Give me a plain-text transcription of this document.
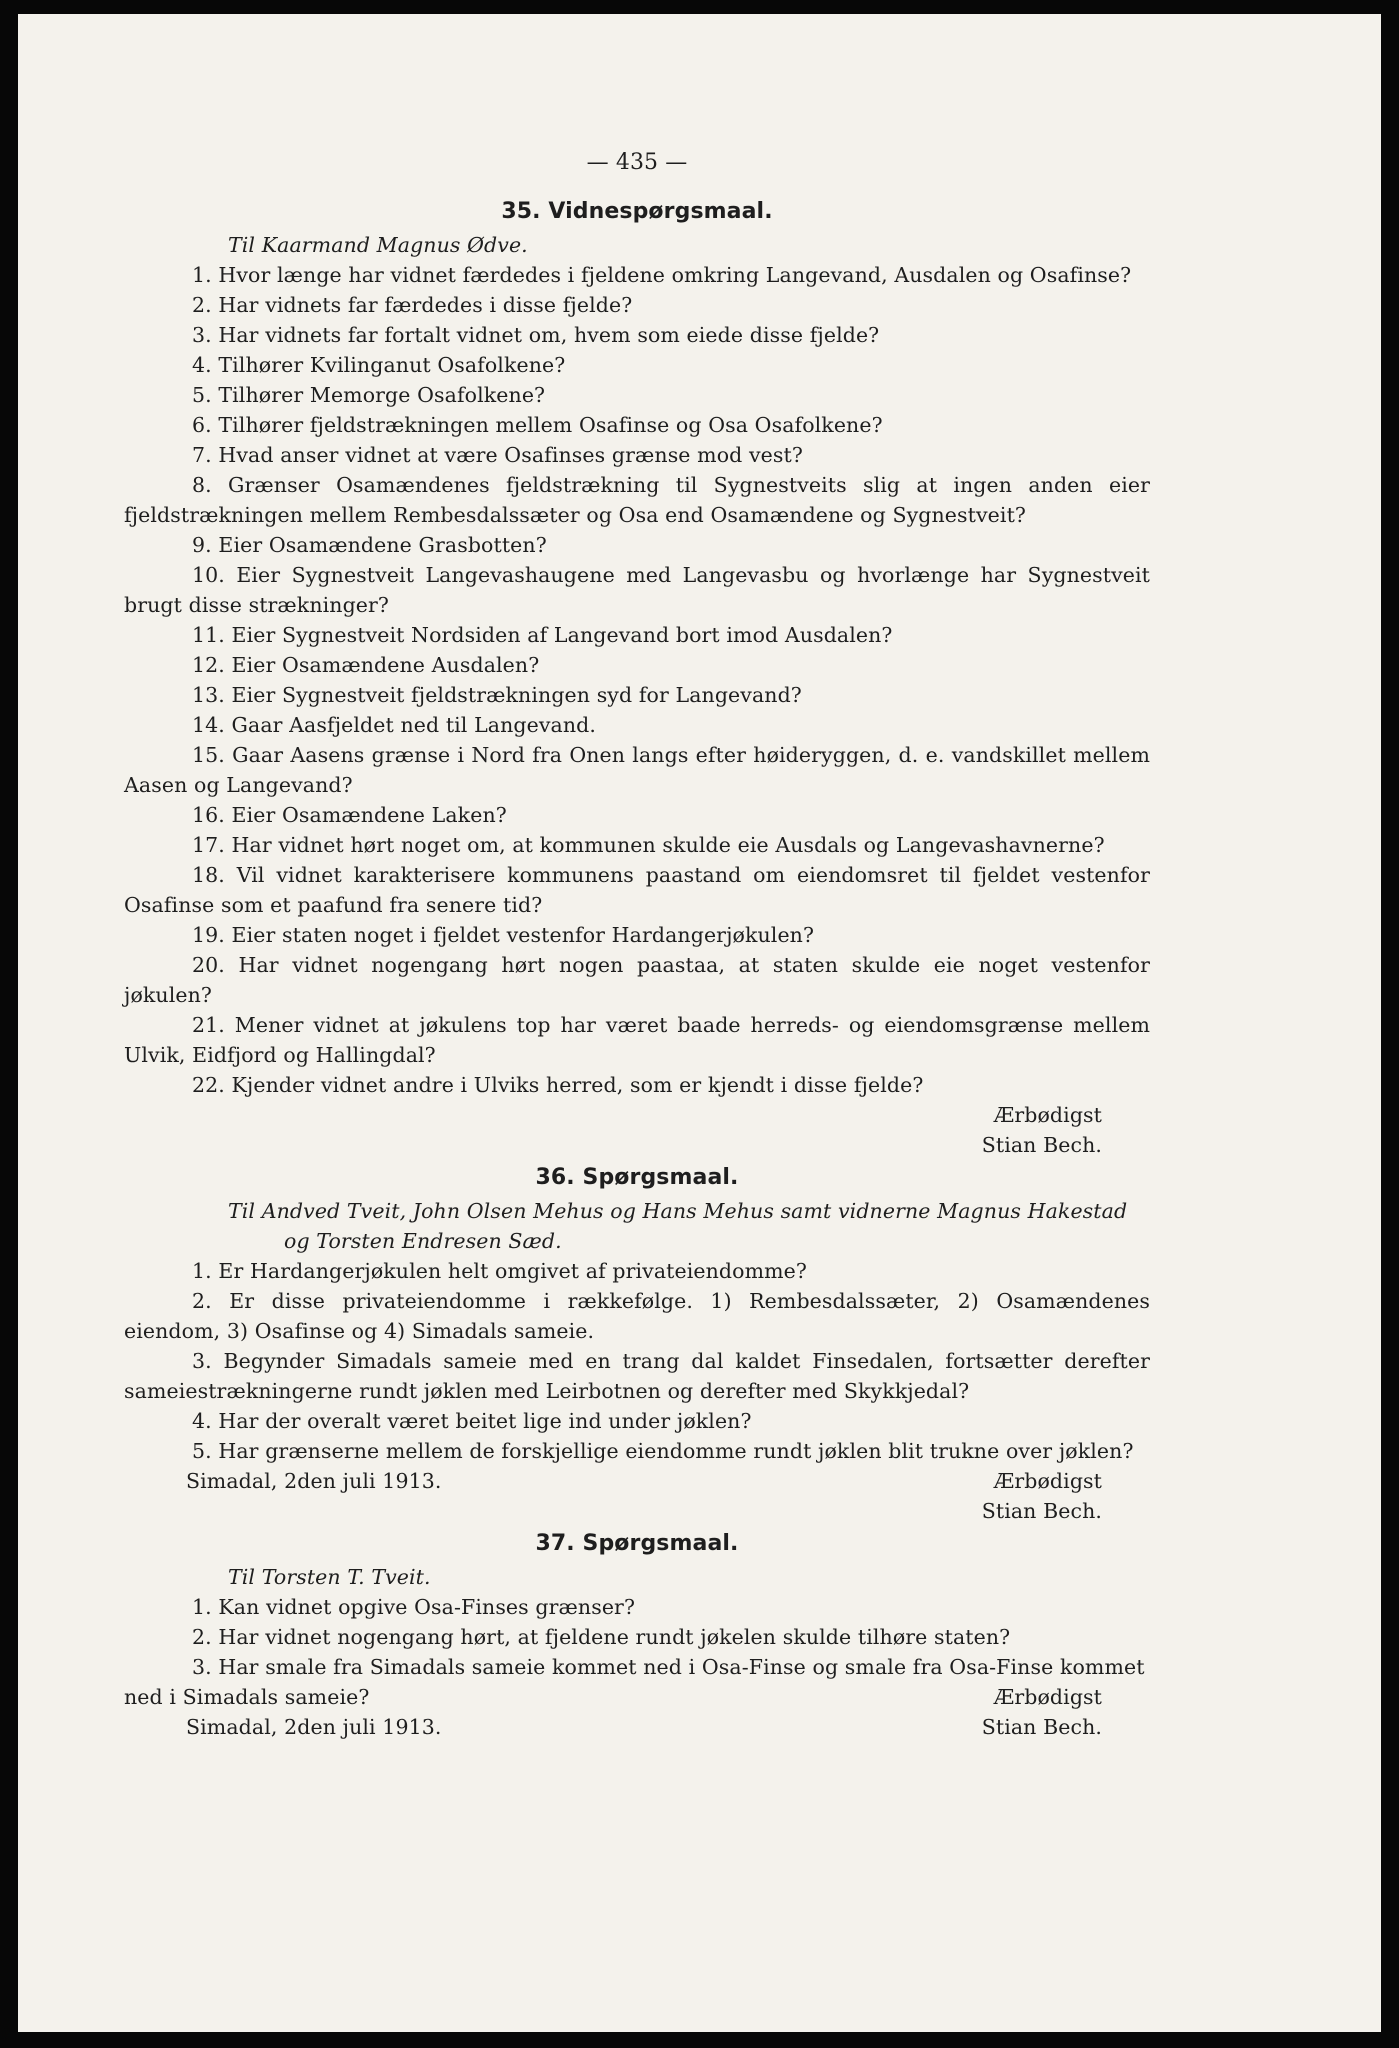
— 435 —
35. Vidnespørgsmaal.
Til Kaarmand Magnus Ødve.
1. Hvor længe har vidnet færdedes i fjeldene omkring Langevand, Ausdalen og Osafinse?
2. Har vidnets far færdedes i disse fjelde?
3. Har vidnets far fortalt vidnet om, hvem som eiede disse fjelde?
4. Tilhører Kvilinganut Osafolkene?
5. Tilhører Memorge Osafolkene?
6. Tilhører fjeldstrækningen mellem Osafinse og Osa Osafolkene?
7. Hvad anser vidnet at være Osafinses grænse mod vest?
8. Grænser Osamændenes fjeldstrækning til Sygnestveits slig at ingen anden eier fjeldstrækningen mellem Rembesdalssæter og Osa end Osamændene og Sygnestveit?
9. Eier Osamændene Grasbotten?
10. Eier Sygnestveit Langevashaugene med Langevasbu og hvorlænge har Sygnestveit brugt disse strækninger?
11. Eier Sygnestveit Nordsiden af Langevand bort imod Ausdalen?
12. Eier Osamændene Ausdalen?
13. Eier Sygnestveit fjeldstrækningen syd for Langevand?
14. Gaar Aasfjeldet ned til Langevand.
15. Gaar Aasens grænse i Nord fra Onen langs efter høideryggen, d. e. vandskillet mellem Aasen og Langevand?
16. Eier Osamændene Laken?
17. Har vidnet hørt noget om, at kommunen skulde eie Ausdals og Langevashavnerne?
18. Vil vidnet karakterisere kommunens paastand om eiendomsret til fjeldet vestenfor Osafinse som et paafund fra senere tid?
19. Eier staten noget i fjeldet vestenfor Hardangerjøkulen?
20. Har vidnet nogengang hørt nogen paastaa, at staten skulde eie noget vestenfor jøkulen?
21. Mener vidnet at jøkulens top har været baade herreds- og eiendomsgrænse mellem Ulvik, Eidfjord og Hallingdal?
22. Kjender vidnet andre i Ulviks herred, som er kjendt i disse fjelde?
Ærbødigst
Stian Bech.
36. Spørgsmaal.
Til Andved Tveit, John Olsen Mehus og Hans Mehus samt vidnerne Magnus Hakestad
og Torsten Endresen Sæd.
1. Er Hardangerjøkulen helt omgivet af privateiendomme?
2. Er disse privateiendomme i rækkefølge. 1) Rembesdalssæter, 2) Osamændenes eiendom, 3) Osafinse og 4) Simadals sameie.
3. Begynder Simadals sameie med en trang dal kaldet Finsedalen, fortsætter derefter sameiestrækningerne rundt jøklen med Leirbotnen og derefter med Skykkjedal?
4. Har der overalt været beitet lige ind under jøklen?
5. Har grænserne mellem de forskjellige eiendomme rundt jøklen blit trukne over jøklen?
Simadal, 2den juli 1913.	Ærbødigst
Stian Bech.
37. Spørgsmaal.
Til Torsten T. Tveit.
1. Kan vidnet opgive Osa-Finses grænser?
2. Har vidnet nogengang hørt, at fjeldene rundt jøkelen skulde tilhøre staten?
3. Har smale fra Simadals sameie kommet ned i Osa-Finse og smale fra Osa-Finse kommet
ned i Simadals sameie?	Ærbødigst
Simadal, 2den juli 1913.	Stian Bech.
